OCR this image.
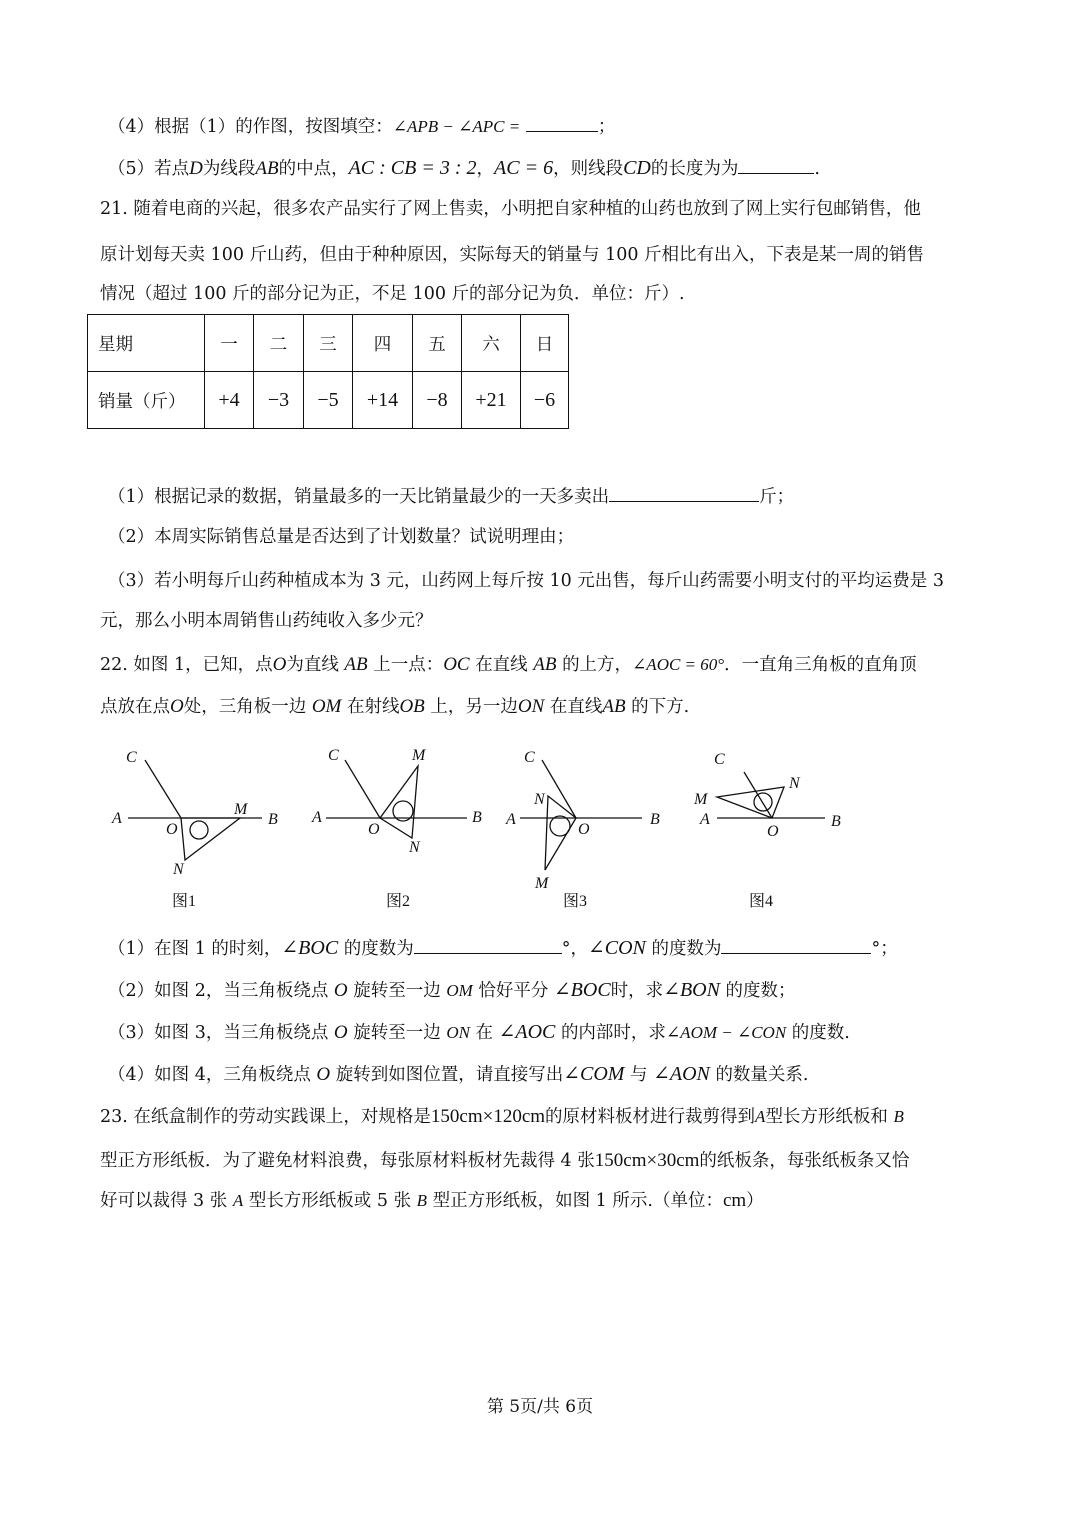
（4）根据（1）的作图，按图填空：∠APB − ∠APC =	；
（5）若点D为线段AB的中点，AC : CB = 3 : 2，AC = 6，则线段CD的长度为为	.
21. 随着电商的兴起，很多农产品实行了网上售卖，小明把自家种植的山药也放到了网上实行包邮销售，他
原计划每天卖 100 斤山药，但由于种种原因，实际每天的销量与 100 斤相比有出入，下表是某一周的销售
情况（超过 100 斤的部分记为正，不足 100 斤的部分记为负．单位：斤）.
星期	一	二	三	四	五	六	日
销量（斤）	+4	−3	−5	+14	−8	+21	−6
（1）根据记录的数据，销量最多的一天比销量最少的一天多卖出	斤；
（2）本周实际销售总量是否达到了计划数量？试说明理由；
（3）若小明每斤山药种植成本为 3 元，山药网上每斤按 10 元出售，每斤山药需要小明支付的平均运费是 3
元，那么小明本周销售山药纯收入多少元？
22. 如图 1，已知，点O为直线 AB 上一点：OC 在直线 AB 的上方，∠AOC = 60°．一直角三角板的直角顶
点放在点O处，三角板一边 OM 在射线OB 上，另一边ON 在直线AB 的下方.
C
A
O
M
B
N
C	M
A
O
B
N
C
N
A
O
B
M
C
N
M
A
O
B
图1	图2	图3	图4
（1）在图 1 的时刻，∠BOC 的度数为	°，∠CON 的度数为	°；
（2）如图 2，当三角板绕点 O 旋转至一边 OM 恰好平分 ∠BOC时，求∠BON 的度数；
（3）如图 3，当三角板绕点 O 旋转至一边 ON 在 ∠AOC 的内部时，求∠AOM − ∠CON 的度数.
（4）如图 4，三角板绕点 O 旋转到如图位置，请直接写出∠COM 与 ∠AON 的数量关系.
23. 在纸盒制作的劳动实践课上，对规格是150cm×120cm的原材料板材进行裁剪得到A型长方形纸板和 B
型正方形纸板．为了避免材料浪费，每张原材料板材先裁得 4 张150cm×30cm的纸板条，每张纸板条又恰
好可以裁得 3 张 A 型长方形纸板或 5 张 B 型正方形纸板，如图 1 所示.（单位：cm）
第 5页/共 6页
